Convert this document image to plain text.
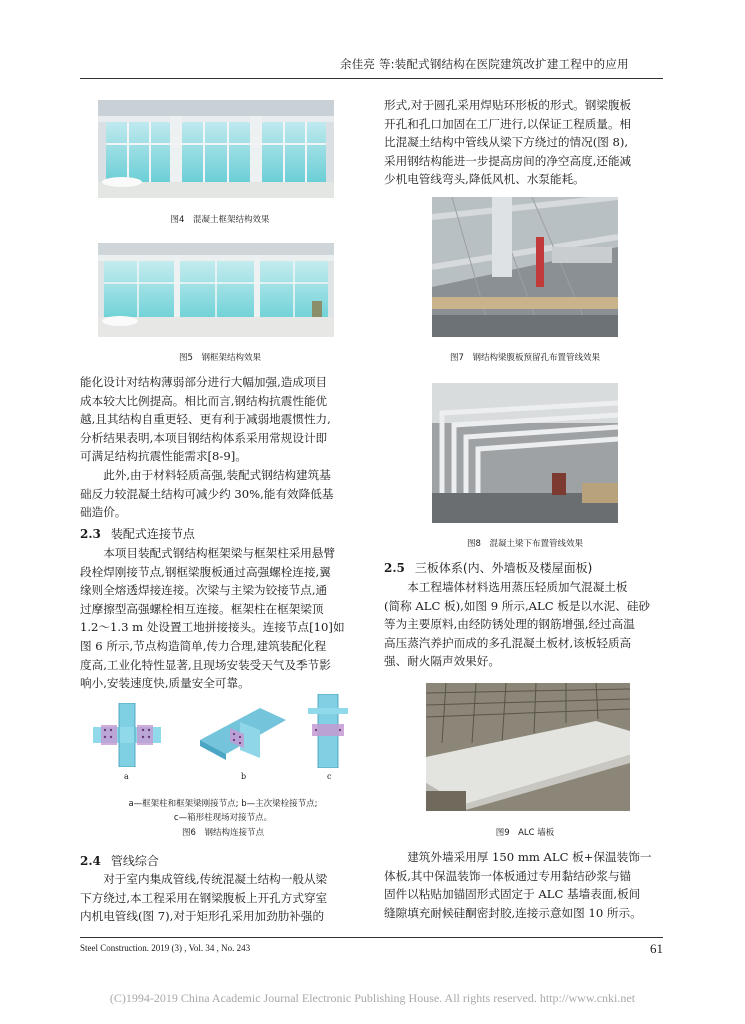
余佳亮 等:装配式钢结构在医院建筑改扩建工程中的应用
图4　混凝土框架结构效果
图5　钢框架结构效果

能化设计对结构薄弱部分进行大幅加强,造成项目

成本较大比例提高。相比而言,钢结构抗震性能优

越,且其结构自重更轻、更有利于减弱地震惯性力,

分析结果表明,本项目钢结构体系采用常规设计即

可满足结构抗震性能需求[8-9]。

此外,由于材料轻质高强,装配式钢结构建筑基

础反力较混凝土结构可减少约 30%,能有效降低基

础造价。

2.3 装配式连接节点

本项目装配式钢结构框架梁与框架柱采用悬臂

段栓焊刚接节点,钢框梁腹板通过高强螺栓连接,翼

缘则全熔透焊接连接。次梁与主梁为铰接节点,通

过摩擦型高强螺栓相互连接。框架柱在框架梁顶

1.2～1.3 m 处设置工地拼接接头。连接节点[10]如

图 6 所示,节点构造简单,传力合理,建筑装配化程

度高,工业化特性显著,且现场安装受天气及季节影

响小,安装速度快,质量安全可靠。

a	b	c
a—框架柱和框架梁刚接节点; b—主次梁栓接节点;
c—箱形柱现场对接节点。
图6　钢结构连接节点
2.4 管线综合

对于室内集成管线,传统混凝土结构一般从梁

下方绕过,本工程采用在钢梁腹板上开孔方式穿室

内机电管线(图 7),对于矩形孔采用加劲肋补强的

形式,对于圆孔采用焊贴环形板的形式。钢梁腹板

开孔和孔口加固在工厂进行,以保证工程质量。相

比混凝土结构中管线从梁下方绕过的情况(图 8),

采用钢结构能进一步提高房间的净空高度,还能减

少机电管线弯头,降低风机、水泵能耗。

图7　钢结构梁腹板预留孔布置管线效果
图8　混凝土梁下布置管线效果
2.5 三板体系(内、外墙板及楼屋面板)

本工程墙体材料选用蒸压轻质加气混凝土板

(简称 ALC 板),如图 9 所示,ALC 板是以水泥、硅砂

等为主要原料,由经防锈处理的钢筋增强,经过高温

高压蒸汽养护而成的多孔混凝土板材,该板轻质高

强、耐火隔声效果好。

图9　ALC 墙板

建筑外墙采用厚 150 mm ALC 板+保温装饰一

体板,其中保温装饰一体板通过专用黏结砂浆与锚

固件以粘贴加锚固形式固定于 ALC 基墙表面,板间

缝隙填充耐候硅酮密封胶,连接示意如图 10 所示。

Steel Construction. 2019 (3) , Vol. 34 , No. 243	61
(C)1994-2019 China Academic Journal Electronic Publishing House. All rights reserved. http://www.cnki.net
